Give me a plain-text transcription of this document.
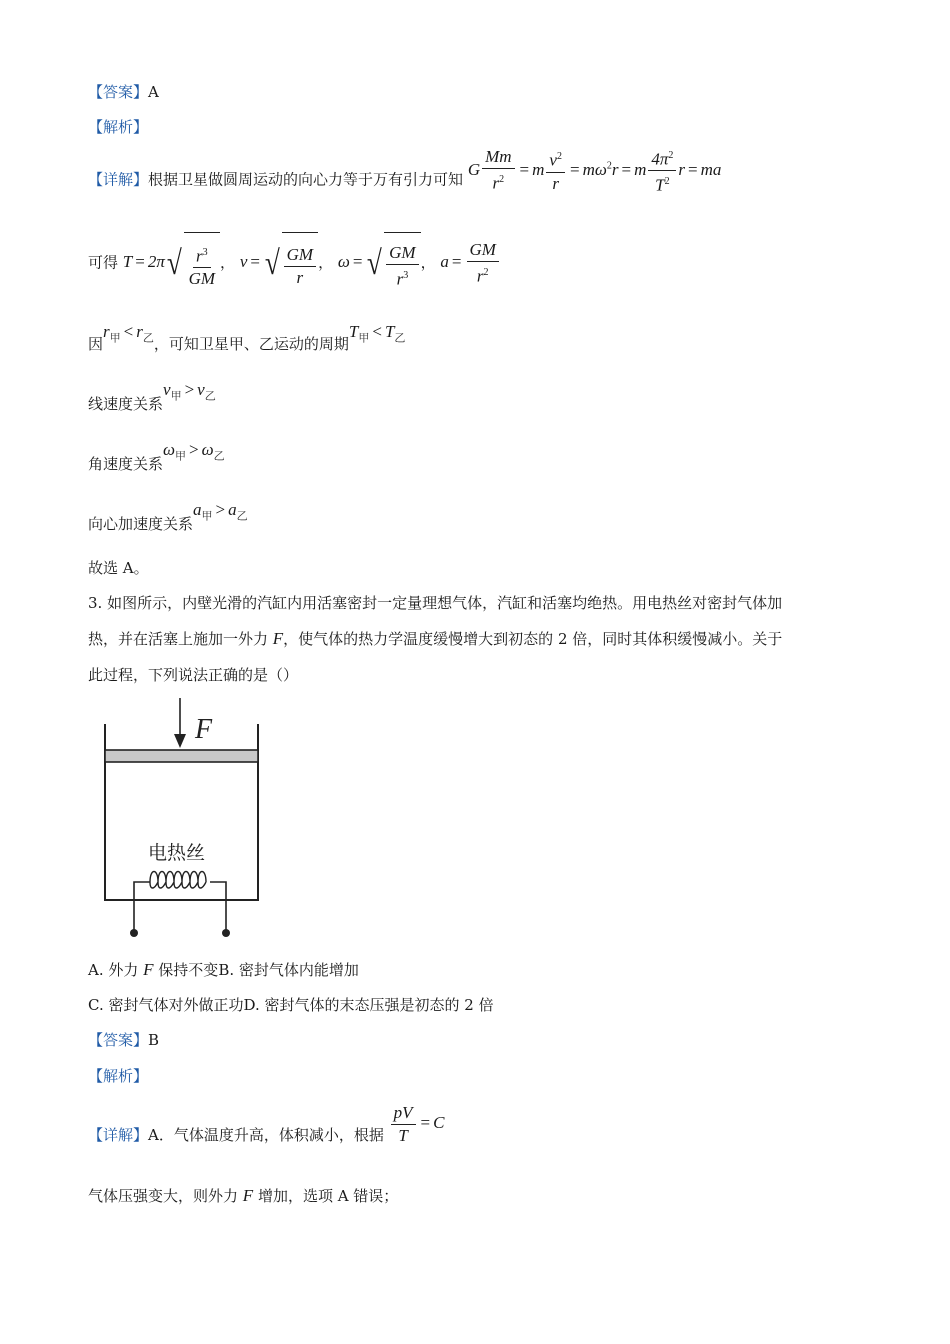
【答案】A
【解析】
【详解】根据卫星做圆周运动的向心力等于万有引力可知 G $\frac{Mm}{r^2} = m \frac{v^2}{r} = m\omega^2r = m \frac{4\pi^2}{T^2}$ r = ma
可得 T = 2π √ $\frac{r^3}{GM}$ ， v = √ $\frac{GM}{r}$ ， ω = √ $\frac{GM}{r^3}$ ， $a = \frac{GM}{r^2}$
因$r_甲 < r_乙$，可知卫星甲、乙运动的周期$T_甲 < T_乙$
线速度关系$v_甲 > v_乙$
角速度关系$\omega_甲 > \omega_乙$
向心加速度关系$a_甲 > a_乙$
故选 A。
3. 如图所示，内壁光滑的汽缸内用活塞密封一定量理想气体，汽缸和活塞均绝热。用电热丝对密封气体加
热，并在活塞上施加一外力 F，使气体的热力学温度缓慢增大到初态的 2 倍，同时其体积缓慢减小。关于
此过程，下列说法正确的是（）
F
电热丝
A. 外力 F 保持不变B. 密封气体内能增加
C. 密封气体对外做正功D. 密封气体的末态压强是初态的 2 倍
【答案】B
【解析】
【详解】A．气体温度升高，体积减小，根据 $\frac{pV}{T} = C$
气体压强变大，则外力 F 增加，选项 A 错误；
